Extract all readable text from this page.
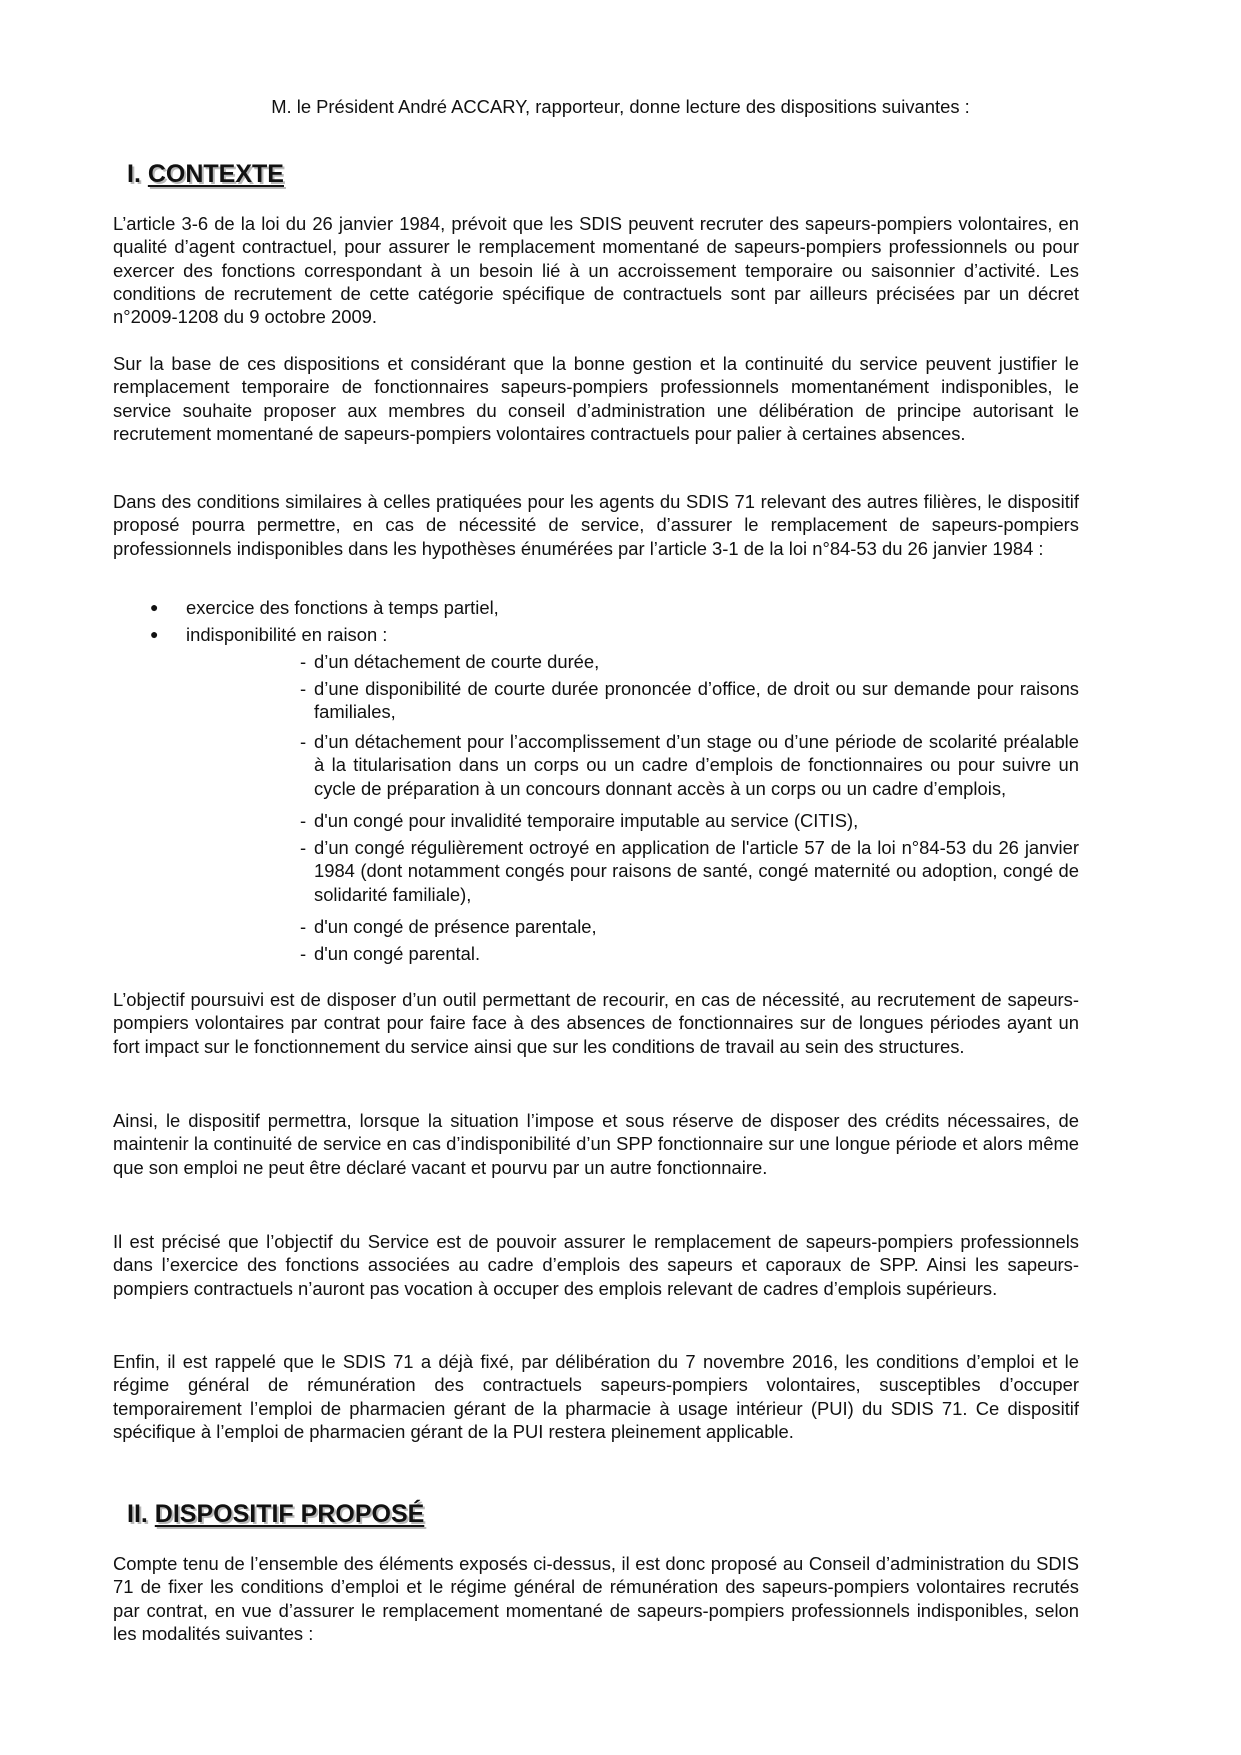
M. le Président André ACCARY, rapporteur, donne lecture des dispositions suivantes :
I. CONTEXTE

L’article 3-6 de la loi du 26 janvier 1984, prévoit que les SDIS peuvent recruter des sapeurs-pompiers volontaires, en qualité d’agent contractuel, pour assurer le remplacement momentané de sapeurs-pompiers professionnels ou pour exercer des fonctions correspondant à un besoin lié à un accroissement temporaire ou saisonnier d’activité. Les conditions de recrutement de cette catégorie spécifique de contractuels sont par ailleurs précisées par un décret n°2009-1208 du 9 octobre 2009.

Sur la base de ces dispositions et considérant que la bonne gestion et la continuité du service peuvent justifier le remplacement temporaire de fonctionnaires sapeurs-pompiers professionnels momentanément indisponibles, le service souhaite proposer aux membres du conseil d’administration une délibération de principe autorisant le recrutement momentané de sapeurs-pompiers volontaires contractuels pour palier à certaines absences.

Dans des conditions similaires à celles pratiquées pour les agents du SDIS 71 relevant des autres filières, le dispositif proposé pourra permettre, en cas de nécessité de service, d’assurer le remplacement de sapeurs-pompiers professionnels indisponibles dans les hypothèses énumérées par l’article 3-1 de la loi n°84-53 du 26 janvier 1984 :

● exercice des fonctions à temps partiel,
● indisponibilité en raison :
- d’un détachement de courte durée,
- d’une disponibilité de courte durée prononcée d’office, de droit ou sur demande pour raisons familiales,
- d’un détachement pour l’accomplissement d’un stage ou d’une période de scolarité préalable à la titularisation dans un corps ou un cadre d’emplois de fonctionnaires ou pour suivre un cycle de préparation à un concours donnant accès à un corps ou un cadre d’emplois,
- d'un congé pour invalidité temporaire imputable au service (CITIS),
- d’un congé régulièrement octroyé en application de l'article 57 de la loi n°84-53 du 26 janvier 1984 (dont notamment congés pour raisons de santé, congé maternité ou adoption, congé de solidarité familiale),
- d'un congé de présence parentale,
- d'un congé parental.

L’objectif poursuivi est de disposer d’un outil permettant de recourir, en cas de nécessité, au recrutement de sapeurs-pompiers volontaires par contrat pour faire face à des absences de fonctionnaires sur de longues périodes ayant un fort impact sur le fonctionnement du service ainsi que sur les conditions de travail au sein des structures.

Ainsi, le dispositif permettra, lorsque la situation l’impose et sous réserve de disposer des crédits nécessaires, de maintenir la continuité de service en cas d’indisponibilité d’un SPP fonctionnaire sur une longue période et alors même que son emploi ne peut être déclaré vacant et pourvu par un autre fonctionnaire.

Il est précisé que l’objectif du Service est de pouvoir assurer le remplacement de sapeurs-pompiers professionnels dans l’exercice des fonctions associées au cadre d’emplois des sapeurs et caporaux de SPP. Ainsi les sapeurs-pompiers contractuels n’auront pas vocation à occuper des emplois relevant de cadres d’emplois supérieurs.

Enfin, il est rappelé que le SDIS 71 a déjà fixé, par délibération du 7 novembre 2016, les conditions d’emploi et le régime général de rémunération des contractuels sapeurs-pompiers volontaires, susceptibles d’occuper temporairement l’emploi de pharmacien gérant de la pharmacie à usage intérieur (PUI) du SDIS 71. Ce dispositif spécifique à l’emploi de pharmacien gérant de la PUI restera pleinement applicable.

II. DISPOSITIF PROPOSÉ

Compte tenu de l’ensemble des éléments exposés ci-dessus, il est donc proposé au Conseil d’administration du SDIS 71 de fixer les conditions d’emploi et le régime général de rémunération des sapeurs-pompiers volontaires recrutés par contrat, en vue d’assurer le remplacement momentané de sapeurs-pompiers professionnels indisponibles, selon les modalités suivantes :
